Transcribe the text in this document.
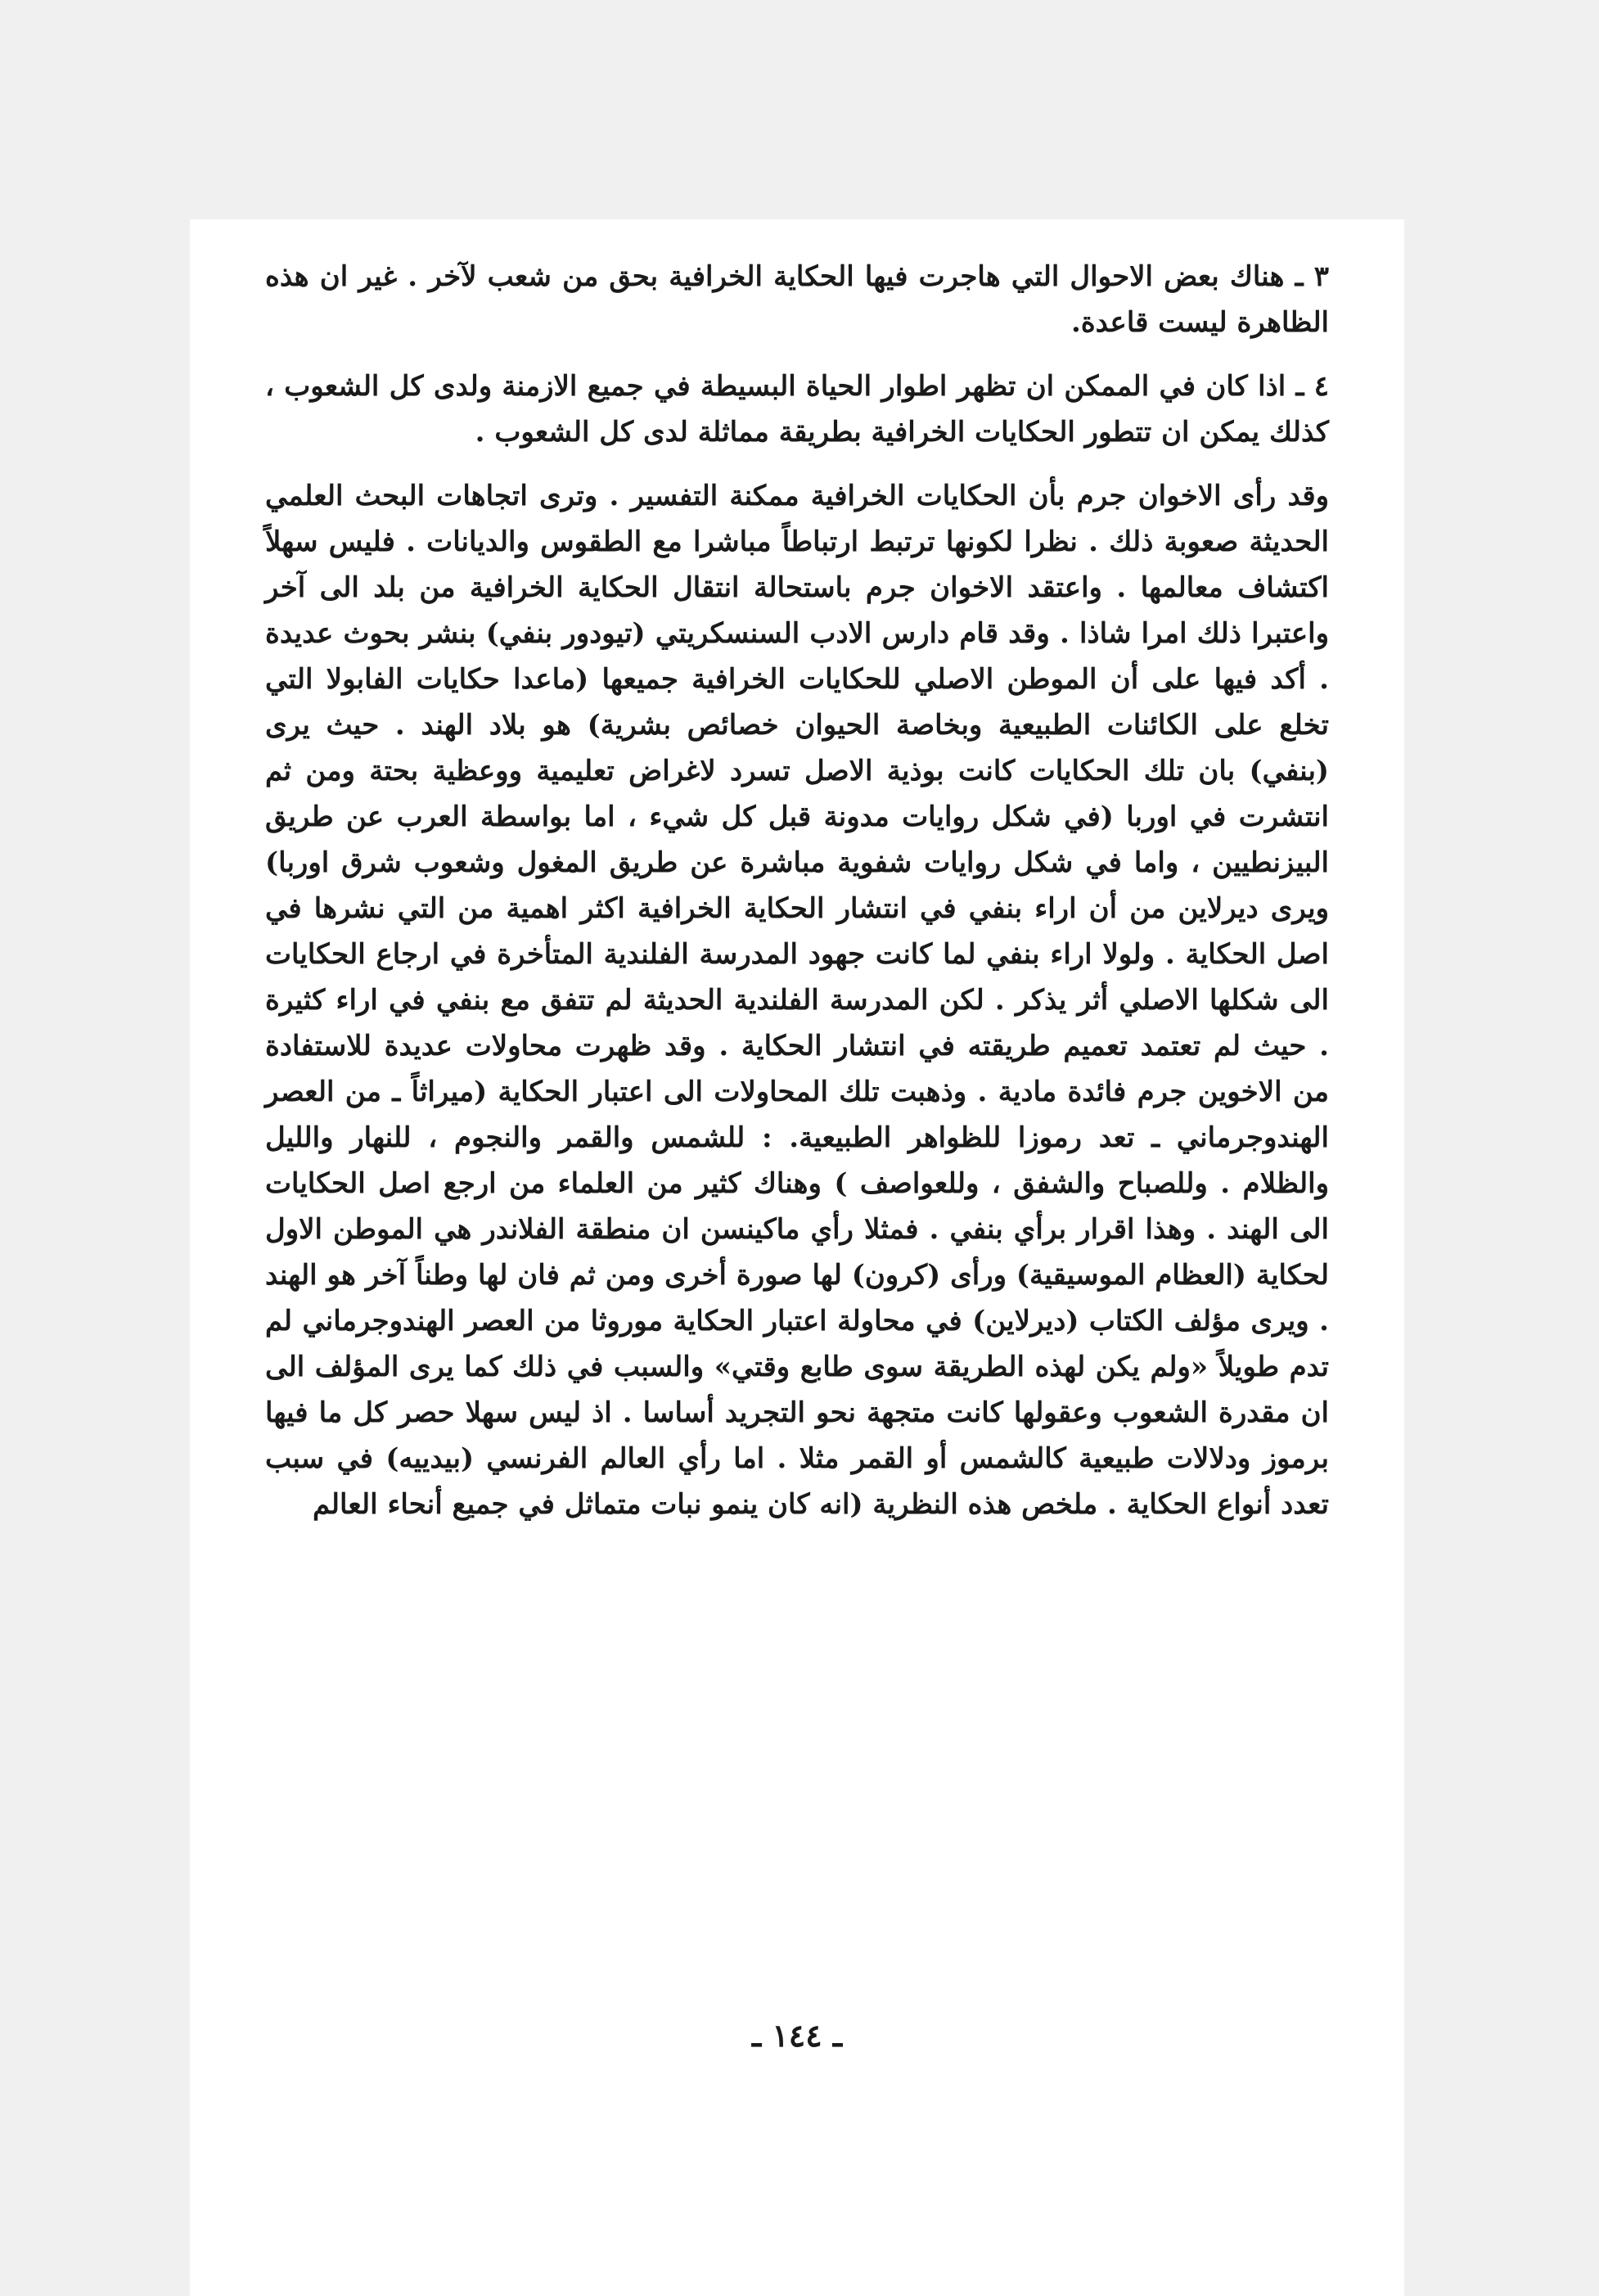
٣ ـ هناك بعض الاحوال التي هاجرت فيها الحكاية الخرافية بحق من شعب لآخر . غير ان هذه الظاهرة ليست قاعدة.

٤ ـ اذا كان في الممكن ان تظهر اطوار الحياة البسيطة في جميع الازمنة ولدى كل الشعوب ، كذلك يمكن ان تتطور الحكايات الخرافية بطريقة مماثلة لدى كل الشعوب .

وقد رأى الاخوان جرم بأن الحكايات الخرافية ممكنة التفسير . وترى اتجاهات البحث العلمي الحديثة صعوبة ذلك . نظرا لكونها ترتبط ارتباطاً مباشرا مع الطقوس والديانات . فليس سهلاً اكتشاف معالمها . واعتقد الاخوان جرم باستحالة انتقال الحكاية الخرافية من بلد الى آخر واعتبرا ذلك امرا شاذا . وقد قام دارس الادب السنسكريتي (تيودور بنفي) بنشر بحوث عديدة . أكد فيها على أن الموطن الاصلي للحكايات الخرافية جميعها (ماعدا حكايات الفابولا التي تخلع على الكائنات الطبيعية وبخاصة الحيوان خصائص بشرية) هو بلاد الهند . حيث يرى (بنفي) بان تلك الحكايات كانت بوذية الاصل تسرد لاغراض تعليمية ووعظية بحتة ومن ثم انتشرت في اوربا (في شكل روايات مدونة قبل كل شيء ، اما بواسطة العرب عن طريق البيزنطيين ، واما في شكل روايات شفوية مباشرة عن طريق المغول وشعوب شرق اوربا) ويرى ديرلاين من أن اراء بنفي في انتشار الحكاية الخرافية اكثر اهمية من التي نشرها في اصل الحكاية . ولولا اراء بنفي لما كانت جهود المدرسة الفلندية المتأخرة في ارجاع الحكايات الى شكلها الاصلي أثر يذكر . لكن المدرسة الفلندية الحديثة لم تتفق مع بنفي في اراء كثيرة . حيث لم تعتمد تعميم طريقته في انتشار الحكاية . وقد ظهرت محاولات عديدة للاستفادة من الاخوين جرم فائدة مادية . وذهبت تلك المحاولات الى اعتبار الحكاية (ميراثاً ـ من العصر الهندوجرماني ـ تعد رموزا للظواهر الطبيعية. : للشمس والقمر والنجوم ، للنهار والليل والظلام . وللصباح والشفق ، وللعواصف ) وهناك كثير من العلماء من ارجع اصل الحكايات الى الهند . وهذا اقرار برأي بنفي . فمثلا رأي ماكينسن ان منطقة الفلاندر هي الموطن الاول لحكاية (العظام الموسيقية) ورأى (كرون) لها صورة أخرى ومن ثم فان لها وطناً آخر هو الهند . ويرى مؤلف الكتاب (ديرلاين) في محاولة اعتبار الحكاية موروثا من العصر الهندوجرماني لم تدم طويلاً «ولم يكن لهذه الطريقة سوى طابع وقتي» والسبب في ذلك كما يرى المؤلف الى ان مقدرة الشعوب وعقولها كانت متجهة نحو التجريد أساسا . اذ ليس سهلا حصر كل ما فيها برموز ودلالات طبيعية كالشمس أو القمر مثلا . اما رأي العالم الفرنسي (بيدييه) في سبب تعدد أنواع الحكاية . ملخص هذه النظرية (انه كان ينمو نبات متماثل في جميع أنحاء العالم

ـ ١٤٤ ـ
